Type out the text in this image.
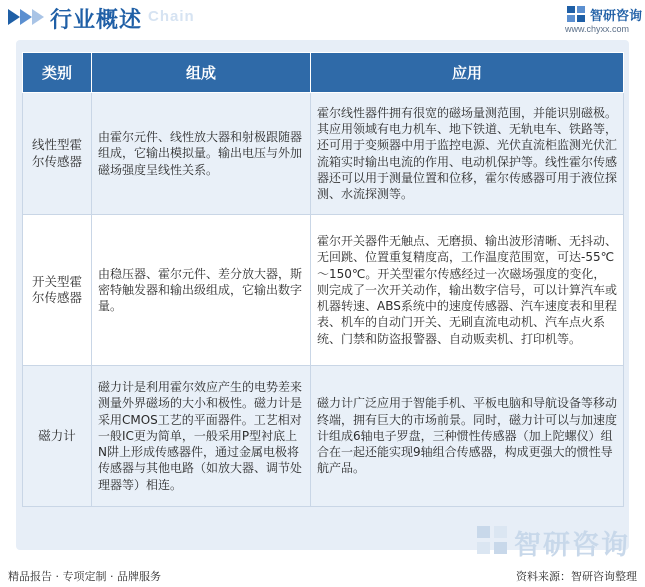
行业概述 Chain	智研咨询
www.chyxx.com
类别	组成	应用
线性型霍尔传感器	由霍尔元件、线性放大器和射极跟随器组成，它输出模拟量。输出电压与外加磁场强度呈线性关系。	霍尔线性器件拥有很宽的磁场量测范围，并能识别磁极。其应用领域有电力机车、地下铁道、无轨电车、铁路等，还可用于变频器中用于监控电源、光伏直流柜监测光伏汇流箱实时输出电流的作用、电动机保护等。线性霍尔传感器还可以用于测量位置和位移，霍尔传感器可用于液位探测、水流探测等。
开关型霍尔传感器	由稳压器、霍尔元件、差分放大器，斯密特触发器和输出级组成，它输出数字量。	霍尔开关器件无触点、无磨损、输出波形清晰、无抖动、无回跳、位置重复精度高，工作温度范围宽，可达-55℃～150℃。开关型霍尔传感经过一次磁场强度的变化，则完成了一次开关动作，输出数字信号，可以计算汽车或机器转速、ABS系统中的速度传感器、汽车速度表和里程表、机车的自动门开关、无刷直流电动机、汽车点火系统、门禁和防盗报警器、自动贩卖机、打印机等。
磁力计	磁力计是利用霍尔效应产生的电势差来测量外界磁场的大小和极性。磁力计是采用CMOS工艺的平面器件。工艺相对一般IC更为简单，一般采用P型衬底上N阱上形成传感器件，通过金属电极将传感器与其他电路（如放大器、调节处理器等）相连。	磁力计广泛应用于智能手机、平板电脑和导航设备等移动终端，拥有巨大的市场前景。同时，磁力计可以与加速度计组成6轴电子罗盘，三种惯性传感器（加上陀螺仪）组合在一起还能实现9轴组合传感器，构成更强大的惯性导航产品。
智研咨询
精品报告 · 专项定制 · 品牌服务	资料来源：智研咨询整理
